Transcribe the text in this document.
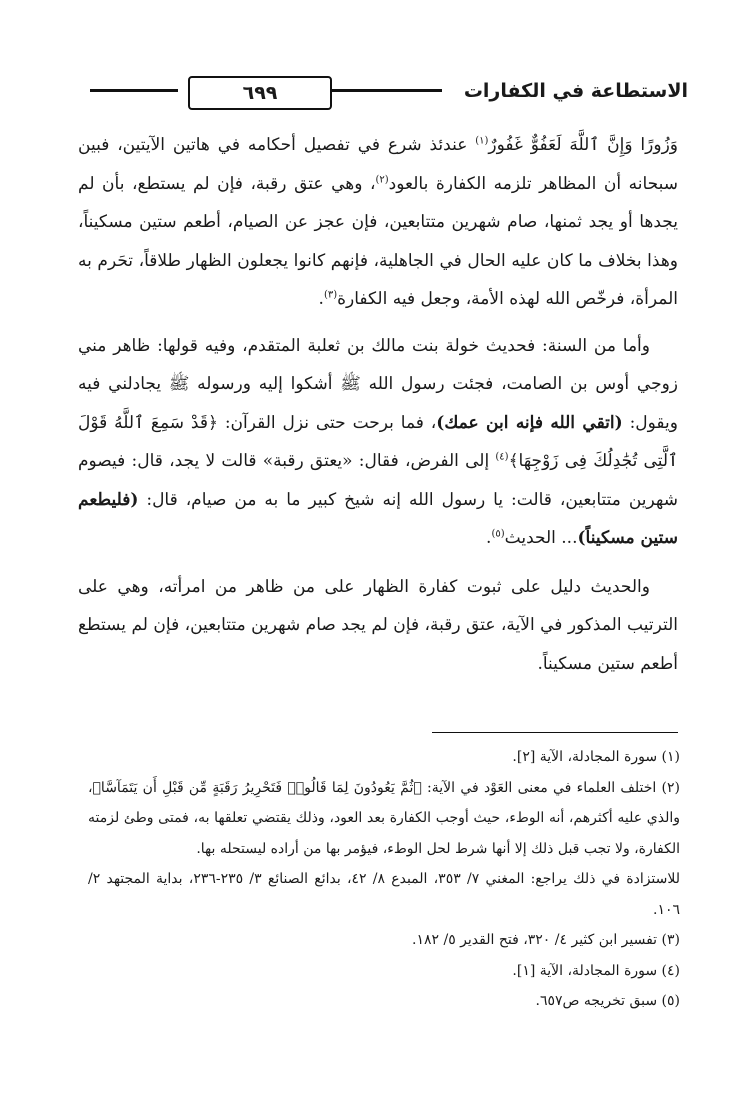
٦٩٩	الاستطاعة في الكفارات

وَزُورًا وَإِنَّ ٱللَّهَ لَعَفُوٌّ غَفُورٌ$^{(١)}$ عندئذ شرع في تفصيل أحكامه في هاتين الآيتين، فبين سبحانه أن المظاهر تلزمه الكفارة بالعود$^{(٢)}$، وهي عتق رقبة، فإن لم يستطع، بأن لم يجدها أو يجد ثمنها، صام شهرين متتابعين، فإن عجز عن الصيام، أطعم ستين مسكيناً، وهذا بخلاف ما كان عليه الحال في الجاهلية، فإنهم كانوا يجعلون الظهار طلاقاً، تحَرم به المرأة، فرخّص الله لهذه الأمة، وجعل فيه الكفارة$^{(٣)}$.

وأما من السنة: فحديث خولة بنت مالك بن ثعلبة المتقدم، وفيه قولها: ظاهر مني زوجي أوس بن الصامت، فجئت رسول الله ﷺ أشكوا إليه ورسوله ﷺ يجادلني فيه ويقول: (اتقي الله فإنه ابن عمك)، فما برحت حتى نزل القرآن: ﴿قَدْ سَمِعَ ٱللَّهُ قَوْلَ ٱلَّتِى تُجَٰدِلُكَ فِى زَوْجِهَا﴾$^{(٤)}$ إلى الفرض، فقال: «يعتق رقبة» قالت لا يجد، قال: فيصوم شهرين متتابعين، قالت: يا رسول الله إنه شيخ كبير ما به من صيام، قال: (فليطعم ستين مسكيناً)... الحديث$^{(٥)}$.

والحديث دليل على ثبوت كفارة الظهار على من ظاهر من امرأته، وهي على الترتيب المذكور في الآية، عتق رقبة، فإن لم يجد صام شهرين متتابعين، فإن لم يستطع أطعم ستين مسكيناً.

(١) سورة المجادلة، الآية [٢].

(٢) اختلف العلماء في معنى العَوْد في الآية: ﴿ثُمَّ يَعُودُونَ لِمَا قَالُوا۟ فَتَحْرِيرُ رَقَبَةٍ مِّن قَبْلِ أَن يَتَمَآسَّا﴾، والذي عليه أكثرهم، أنه الوطء، حيث أوجب الكفارة بعد العود، وذلك يقتضي تعلقها به، فمتى وطئ لزمته الكفارة، ولا تجب قبل ذلك إلا أنها شرط لحل الوطء، فيؤمر بها من أراده ليستحله بها.

للاستزادة في ذلك يراجع: المغني ٧/ ٣٥٣، المبدع ٨/ ٤٢، بدائع الصنائع ٣/ ٢٣٥-٢٣٦، بداية المجتهد ٢/ ١٠٦.

(٣) تفسير ابن كثير ٤/ ٣٢٠، فتح القدير ٥/ ١٨٢.

(٤) سورة المجادلة، الآية [١].

(٥) سبق تخريجه ص٦٥٧.
